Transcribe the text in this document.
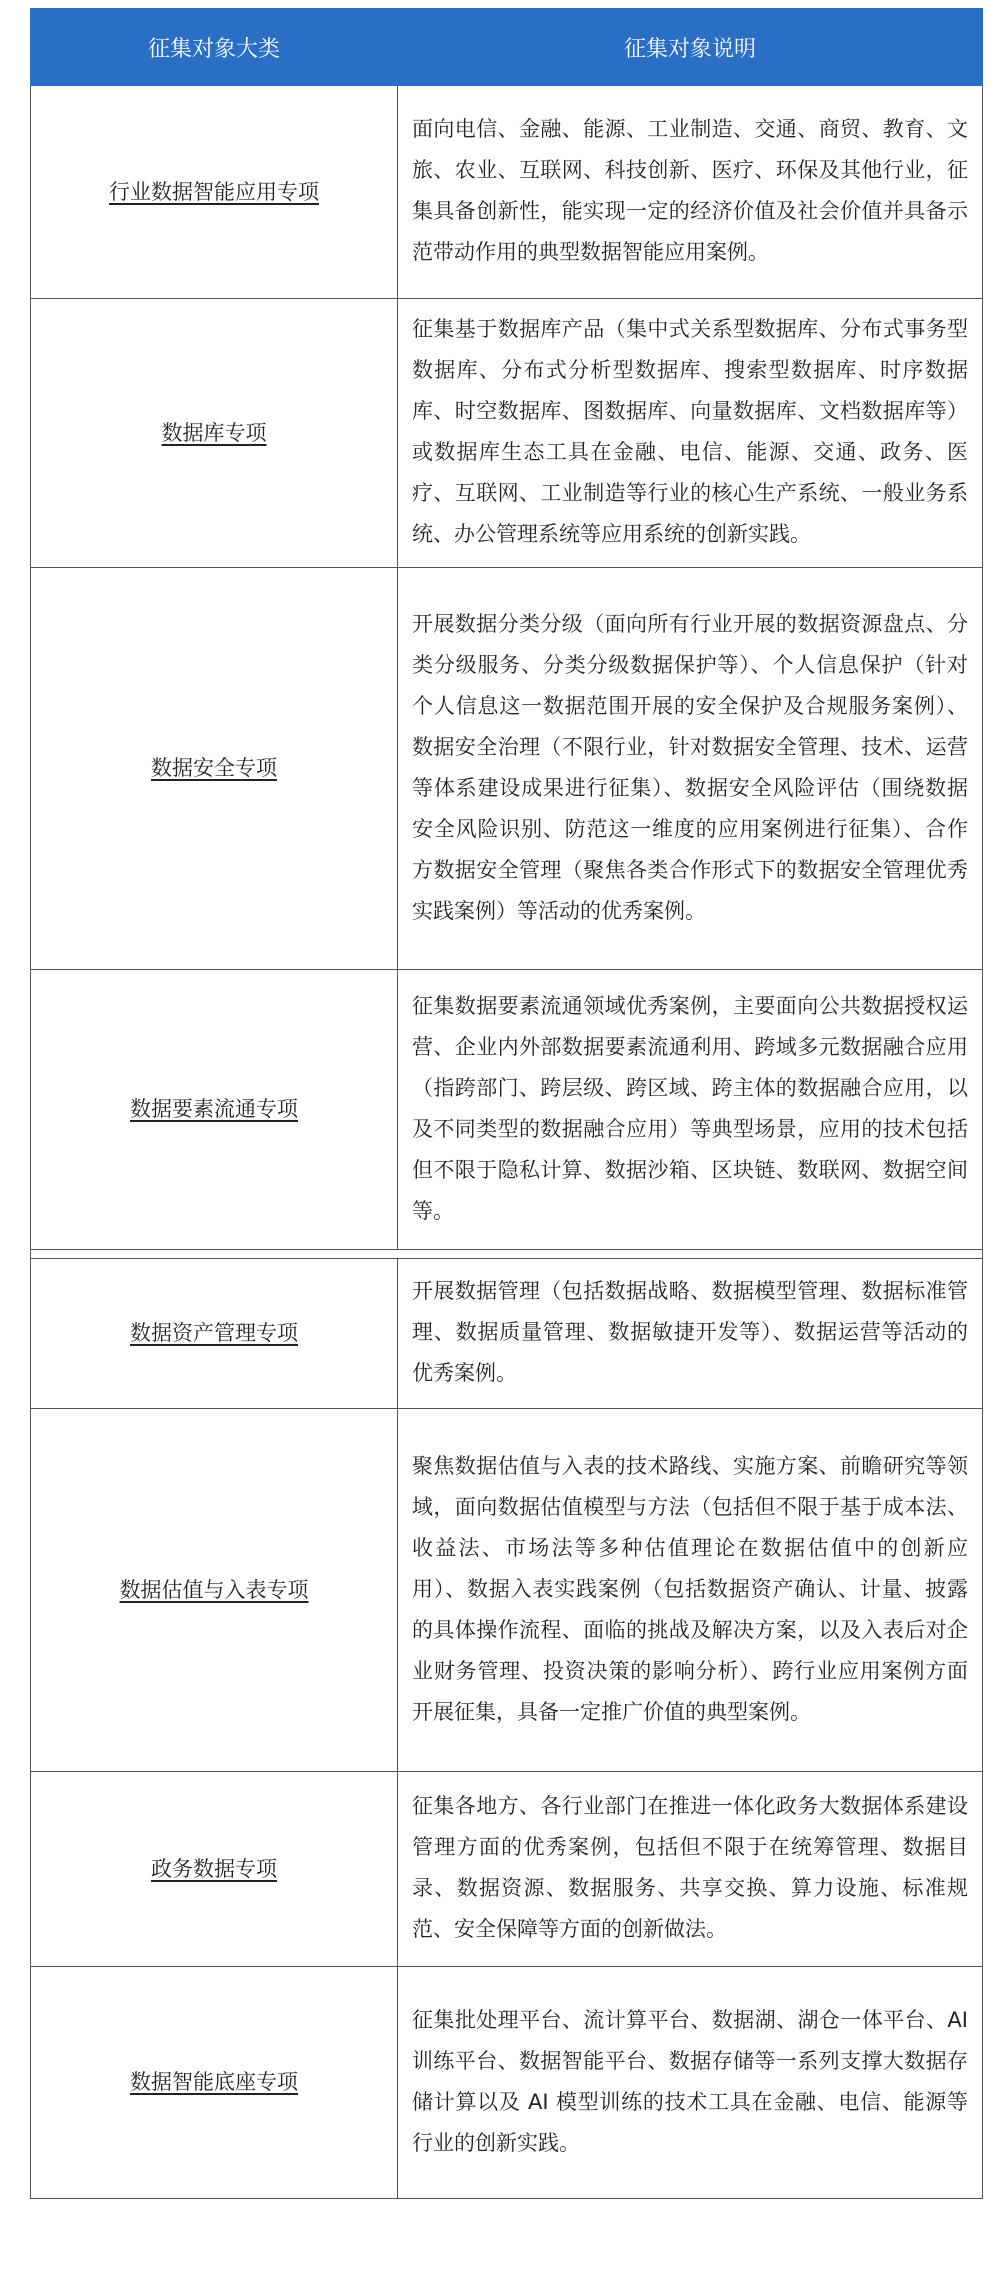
征集对象大类	征集对象说明
行业数据智能应用专项	面向电信、金融、能源、工业制造、交通、商贸、教育、文旅、农业、互联网、科技创新、医疗、环保及其他行业，征集具备创新性，能实现一定的经济价值及社会价值并具备示范带动作用的典型数据智能应用案例。
数据库专项	征集基于数据库产品（集中式关系型数据库、分布式事务型数据库、分布式分析型数据库、搜索型数据库、时序数据库、时空数据库、图数据库、向量数据库、文档数据库等）或数据库生态工具在金融、电信、能源、交通、政务、医疗、互联网、工业制造等行业的核心生产系统、一般业务系统、办公管理系统等应用系统的创新实践。
数据安全专项	开展数据分类分级（面向所有行业开展的数据资源盘点、分类分级服务、分类分级数据保护等）、个人信息保护（针对个人信息这一数据范围开展的安全保护及合规服务案例）、数据安全治理（不限行业，针对数据安全管理、技术、运营等体系建设成果进行征集）、数据安全风险评估（围绕数据安全风险识别、防范这一维度的应用案例进行征集）、合作方数据安全管理（聚焦各类合作形式下的数据安全管理优秀实践案例）等活动的优秀案例。
数据要素流通专项	征集数据要素流通领域优秀案例，主要面向公共数据授权运营、企业内外部数据要素流通利用、跨域多元数据融合应用（指跨部门、跨层级、跨区域、跨主体的数据融合应用，以及不同类型的数据融合应用）等典型场景，应用的技术包括但不限于隐私计算、数据沙箱、区块链、数联网、数据空间等。

数据资产管理专项	开展数据管理（包括数据战略、数据模型管理、数据标准管理、数据质量管理、数据敏捷开发等）、数据运营等活动的优秀案例。
数据估值与入表专项	聚焦数据估值与入表的技术路线、实施方案、前瞻研究等领域，面向数据估值模型与方法（包括但不限于基于成本法、收益法、市场法等多种估值理论在数据估值中的创新应用）、数据入表实践案例（包括数据资产确认、计量、披露的具体操作流程、面临的挑战及解决方案，以及入表后对企业财务管理、投资决策的影响分析）、跨行业应用案例方面开展征集，具备一定推广价值的典型案例。
政务数据专项	征集各地方、各行业部门在推进一体化政务大数据体系建设管理方面的优秀案例，包括但不限于在统筹管理、数据目录、数据资源、数据服务、共享交换、算力设施、标准规范、安全保障等方面的创新做法。
数据智能底座专项	征集批处理平台、流计算平台、数据湖、湖仓一体平台、AI 训练平台、数据智能平台、数据存储等一系列支撑大数据存储计算以及 AI 模型训练的技术工具在金融、电信、能源等行业的创新实践。
